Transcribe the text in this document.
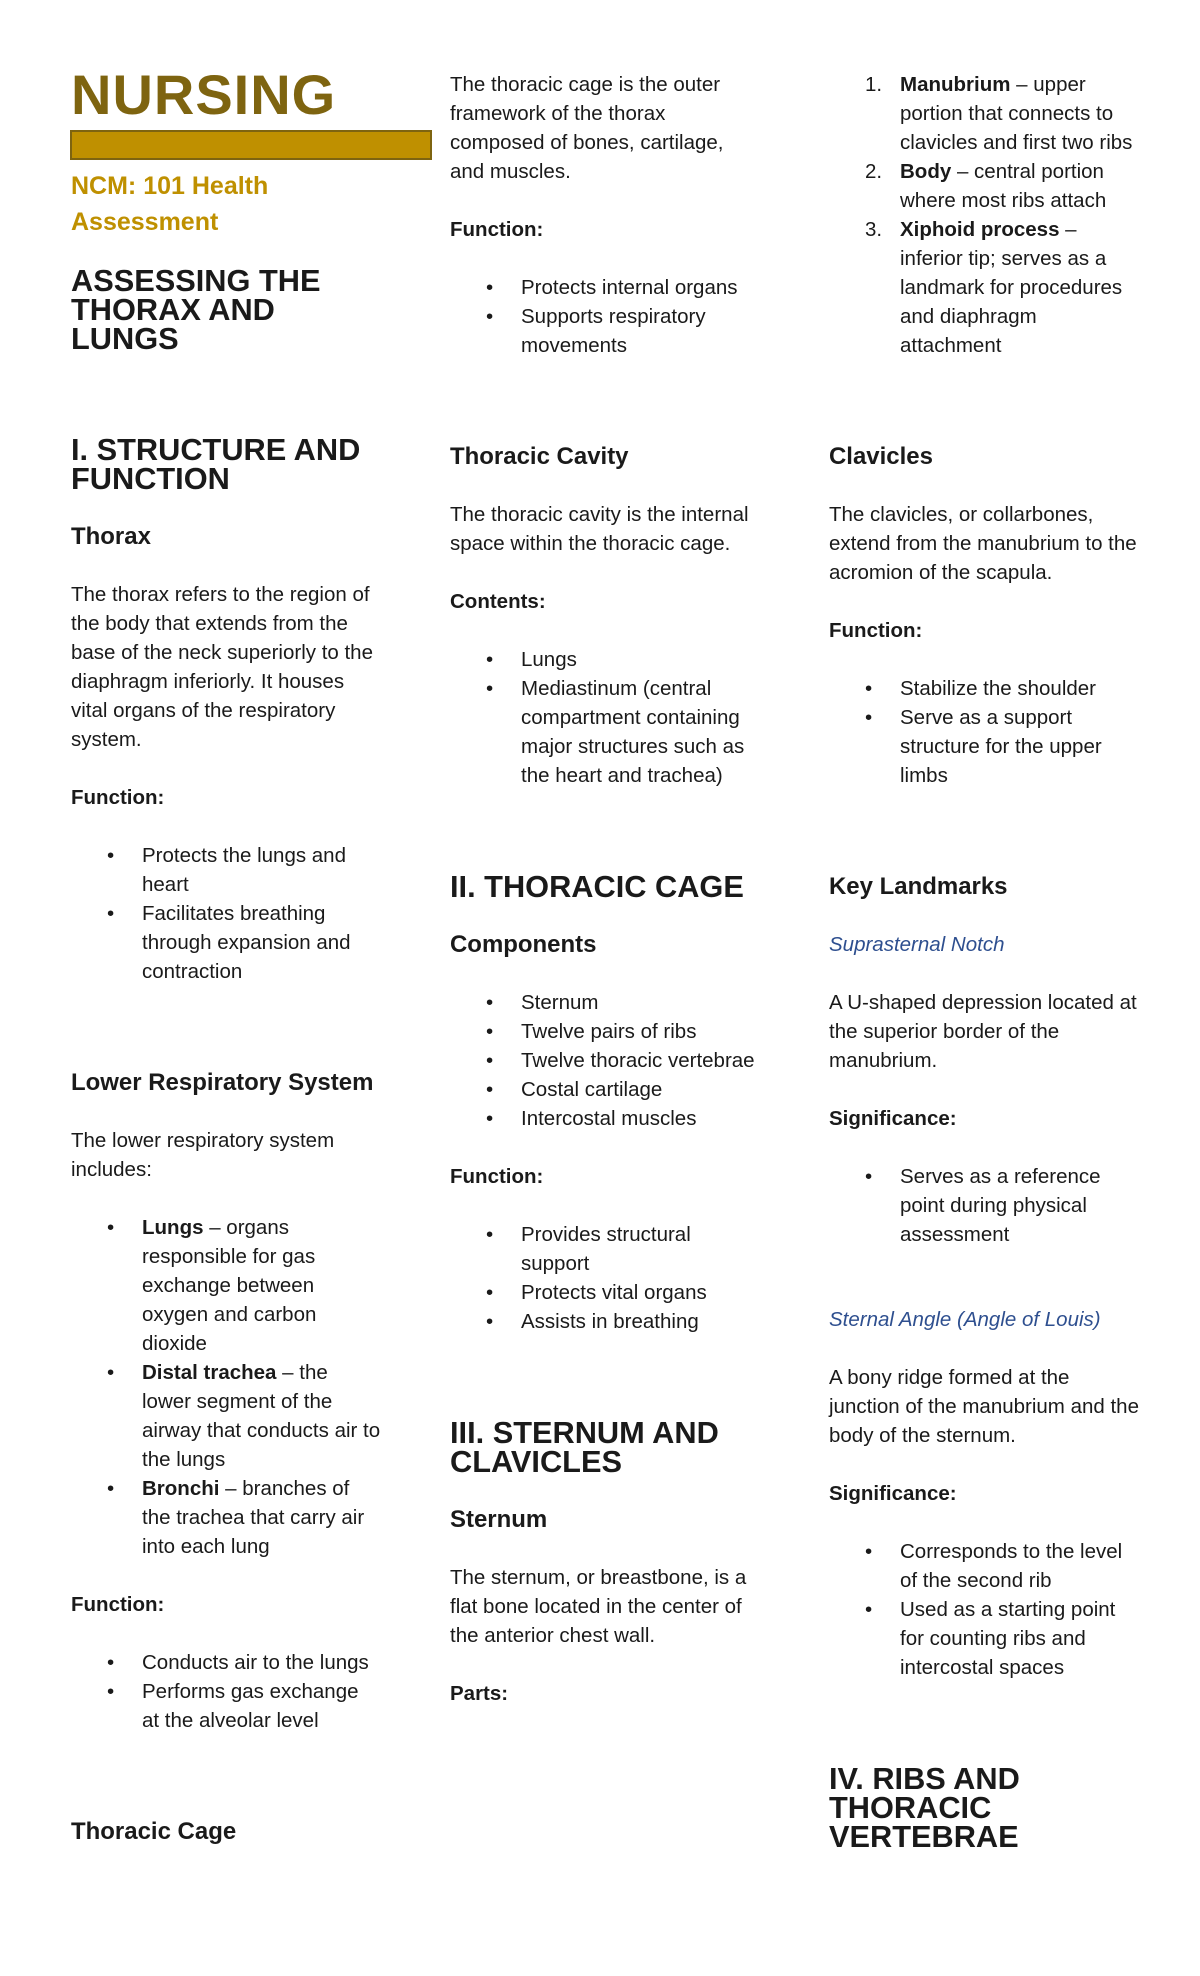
NURSING
NCM: 101 Health Assessment
ASSESSING THE THORAX AND LUNGS
I. STRUCTURE AND FUNCTION
Thorax

The thorax refers to the region of the body that extends from the base of the neck superiorly to the diaphragm inferiorly. It houses vital organs of the respiratory system.

Function:
• Protects the lungs and heart
• Facilitates breathing through expansion and contraction
Lower Respiratory System

The lower respiratory system includes:

• Lungs – organs responsible for gas exchange between oxygen and carbon dioxide
• Distal trachea – the lower segment of the airway that conducts air to the lungs
• Bronchi – branches of the trachea that carry air into each lung
Function:
• Conducts air to the lungs
• Performs gas exchange at the alveolar level
Thoracic Cage

The thoracic cage is the outer framework of the thorax composed of bones, cartilage, and muscles.

Function:
• Protects internal organs
• Supports respiratory movements
Thoracic Cavity

The thoracic cavity is the internal space within the thoracic cage.

Contents:
• Lungs
• Mediastinum (central compartment containing major structures such as the heart and trachea)
II. THORACIC CAGE
Components
• Sternum
• Twelve pairs of ribs
• Twelve thoracic vertebrae
• Costal cartilage
• Intercostal muscles
Function:
• Provides structural support
• Protects vital organs
• Assists in breathing
III. STERNUM AND CLAVICLES
Sternum

The sternum, or breastbone, is a flat bone located in the center of the anterior chest wall.

Parts:
1. Manubrium – upper portion that connects to clavicles and first two ribs
2. Body – central portion where most ribs attach
3. Xiphoid process – inferior tip; serves as a landmark for procedures and diaphragm attachment
Clavicles

The clavicles, or collarbones, extend from the manubrium to the acromion of the scapula.

Function:
• Stabilize the shoulder
• Serve as a support structure for the upper limbs
Key Landmarks
Suprasternal Notch

A U-shaped depression located at the superior border of the manubrium.

Significance:
• Serves as a reference point during physical assessment
Sternal Angle (Angle of Louis)

A bony ridge formed at the junction of the manubrium and the body of the sternum.

Significance:
• Corresponds to the level of the second rib
• Used as a starting point for counting ribs and intercostal spaces
IV. RIBS AND THORACIC VERTEBRAE
